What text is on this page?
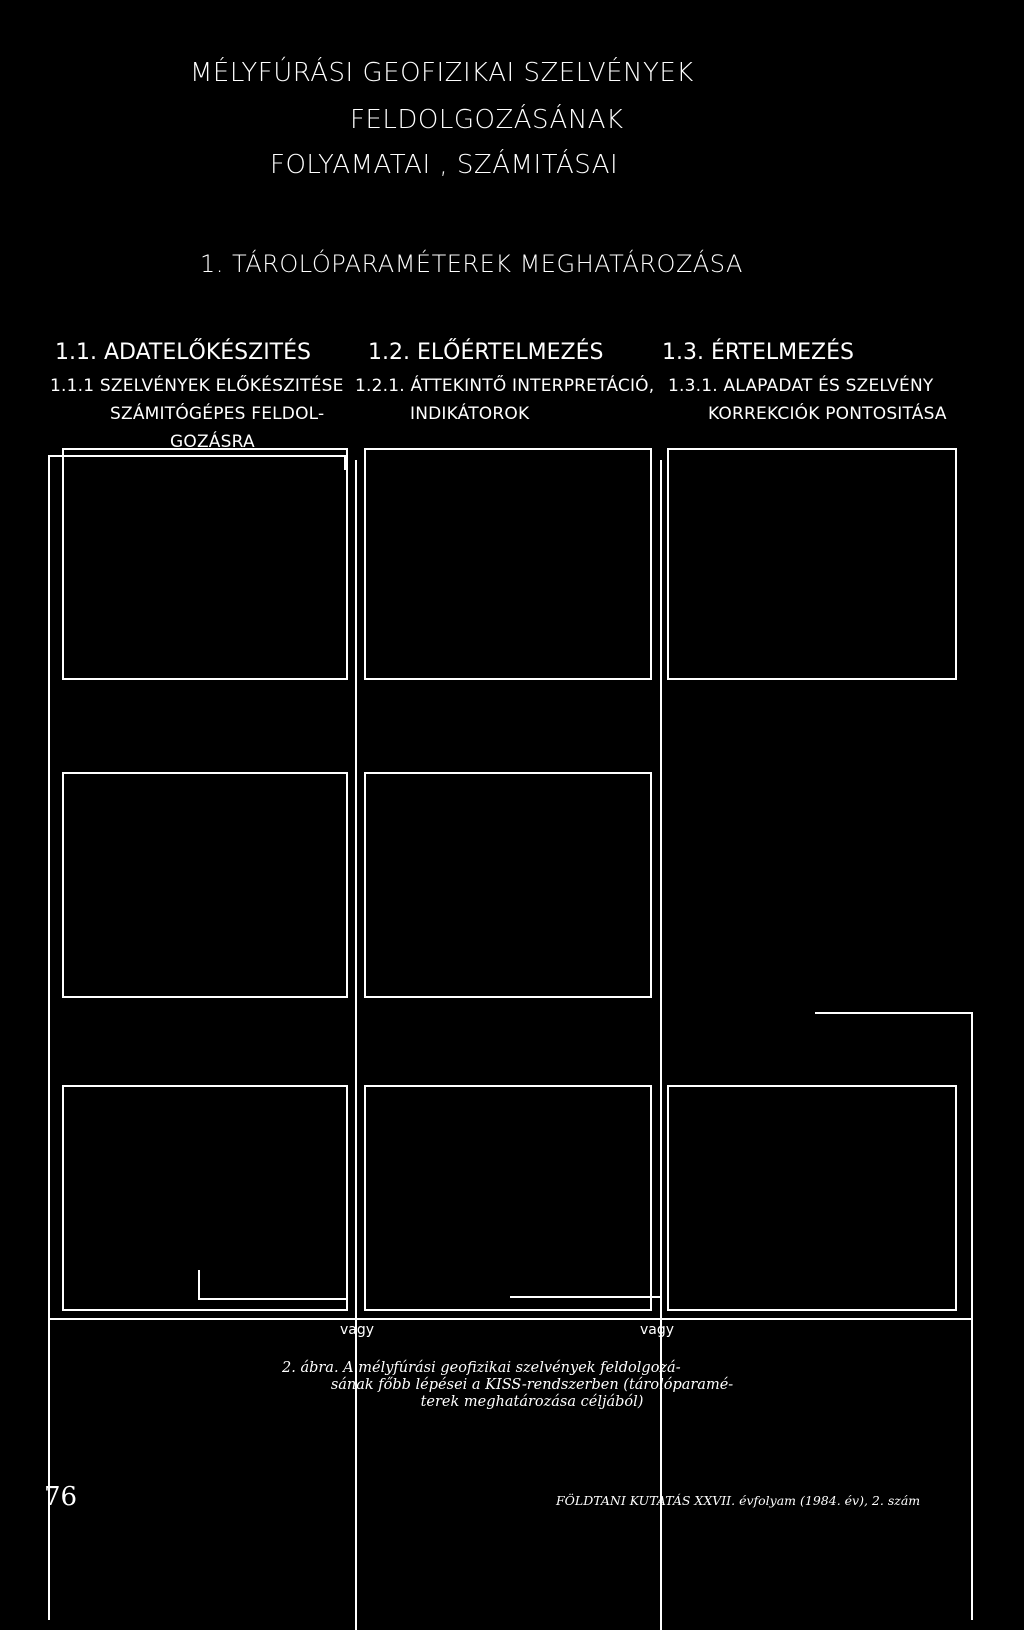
MÉLYFÚRÁSI GEOFIZIKAI SZELVÉNYEK
FELDOLGOZÁSÁNAK
FOLYAMATAI , SZÁMITÁSAI
1. TÁROLÓPARAMÉTEREK MEGHATÁROZÁSA
1.1. ADATELŐKÉSZITÉS	1.2. ELŐÉRTELMEZÉS	1.3. ÉRTELMEZÉS
1.1.1 SZELVÉNYEK ELŐKÉSZITÉSE
SZÁMITÓGÉPES FELDOL-
GOZÁSRA
1.2.1. ÁTTEKINTŐ INTERPRETÁCIÓ,
INDIKÁTOROK
1.3.1. ALAPADAT ÉS SZELVÉNY
KORREKCIÓK PONTOSITÁSA
vagy	vagy
2. ábra. A mélyfúrási geofizikai szelvények feldolgozá-
sának főbb lépései a KISS-rendszerben (tárolóparamé-
terek meghatározása céljából)
76	FÖLDTANI KUTATÁS XXVII. évfolyam (1984. év), 2. szám
